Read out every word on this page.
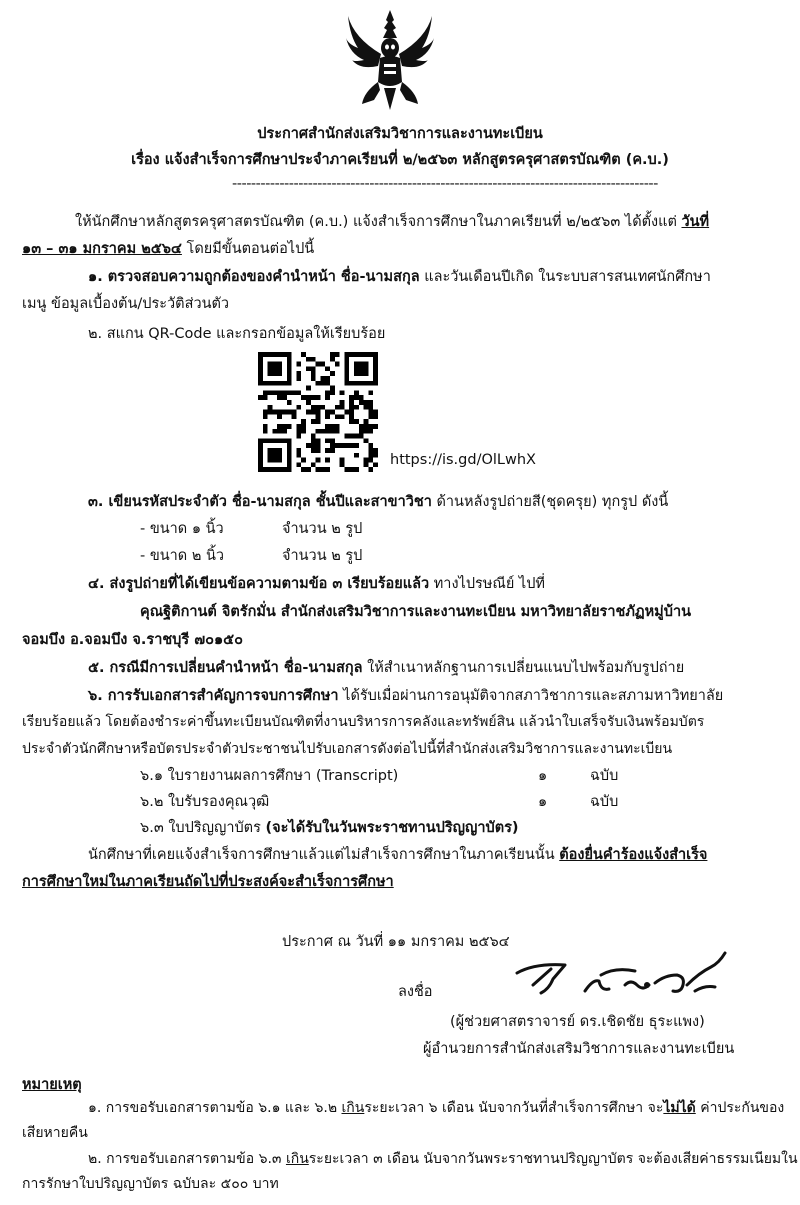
ประกาศสำนักส่งเสริมวิชาการและงานทะเบียน
เรื่อง แจ้งสำเร็จการศึกษาประจำภาคเรียนที่ ๒/๒๕๖๓ หลักสูตรครุศาสตรบัณฑิต (ค.บ.)
------------------------------------------------------------------------------------------
ให้นักศึกษาหลักสูตรครุศาสตรบัณฑิต (ค.บ.) แจ้งสำเร็จการศึกษาในภาคเรียนที่ ๒/๒๕๖๓ ได้ตั้งแต่ วันที่
๑๓ – ๓๑ มกราคม ๒๕๖๔ โดยมีขั้นตอนต่อไปนี้
๑. ตรวจสอบความถูกต้องของคำนำหน้า ชื่อ-นามสกุล และวันเดือนปีเกิด ในระบบสารสนเทศนักศึกษา
เมนู ข้อมูลเบื้องต้น/ประวัติส่วนตัว
๒. สแกน QR-Code และกรอกข้อมูลให้เรียบร้อย
https://is.gd/OlLwhX
๓. เขียนรหัสประจำตัว ชื่อ-นามสกุล ชั้นปีและสาขาวิชา ด้านหลังรูปถ่ายสี(ชุดครุย) ทุกรูป ดังนี้
- ขนาด ๑ นิ้ว	จำนวน ๒ รูป
- ขนาด ๒ นิ้ว	จำนวน ๒ รูป
๔. ส่งรูปถ่ายที่ได้เขียนข้อความตามข้อ ๓ เรียบร้อยแล้ว ทางไปรษณีย์ ไปที่
คุณฐิติกานต์ จิตรักมั่น สำนักส่งเสริมวิชาการและงานทะเบียน มหาวิทยาลัยราชภัฏหมู่บ้าน
จอมบึง อ.จอมบึง จ.ราชบุรี ๗๐๑๕๐
๕. กรณีมีการเปลี่ยนคำนำหน้า ชื่อ-นามสกุล ให้สำเนาหลักฐานการเปลี่ยนแนบไปพร้อมกับรูปถ่าย
๖. การรับเอกสารสำคัญการจบการศึกษา ได้รับเมื่อผ่านการอนุมัติจากสภาวิชาการและสภามหาวิทยาลัย
เรียบร้อยแล้ว โดยต้องชำระค่าขึ้นทะเบียนบัณฑิตที่งานบริหารการคลังและทรัพย์สิน แล้วนำใบเสร็จรับเงินพร้อมบัตร
ประจำตัวนักศึกษาหรือบัตรประจำตัวประชาชนไปรับเอกสารดังต่อไปนี้ที่สำนักส่งเสริมวิชาการและงานทะเบียน
๖.๑ ใบรายงานผลการศึกษา (Transcript)	๑	ฉบับ
๖.๒ ใบรับรองคุณวุฒิ	๑	ฉบับ
๖.๓ ใบปริญญาบัตร (จะได้รับในวันพระราชทานปริญญาบัตร)
นักศึกษาที่เคยแจ้งสำเร็จการศึกษาแล้วแต่ไม่สำเร็จการศึกษาในภาคเรียนนั้น ต้องยื่นคำร้องแจ้งสำเร็จ
การศึกษาใหม่ในภาคเรียนถัดไปที่ประสงค์จะสำเร็จการศึกษา
ประกาศ ณ วันที่ ๑๑ มกราคม ๒๕๖๔
ลงชื่อ
(ผู้ช่วยศาสตราจารย์ ดร.เชิดชัย ธุระแพง)
ผู้อำนวยการสำนักส่งเสริมวิชาการและงานทะเบียน
หมายเหตุ
๑. การขอรับเอกสารตามข้อ ๖.๑ และ ๖.๒ เกินระยะเวลา ๖ เดือน นับจากวันที่สำเร็จการศึกษา จะไม่ได้ ค่าประกันของ
เสียหายคืน
๒. การขอรับเอกสารตามข้อ ๖.๓ เกินระยะเวลา ๓ เดือน นับจากวันพระราชทานปริญญาบัตร จะต้องเสียค่าธรรมเนียมใน
การรักษาใบปริญญาบัตร ฉบับละ ๕๐๐ บาท
